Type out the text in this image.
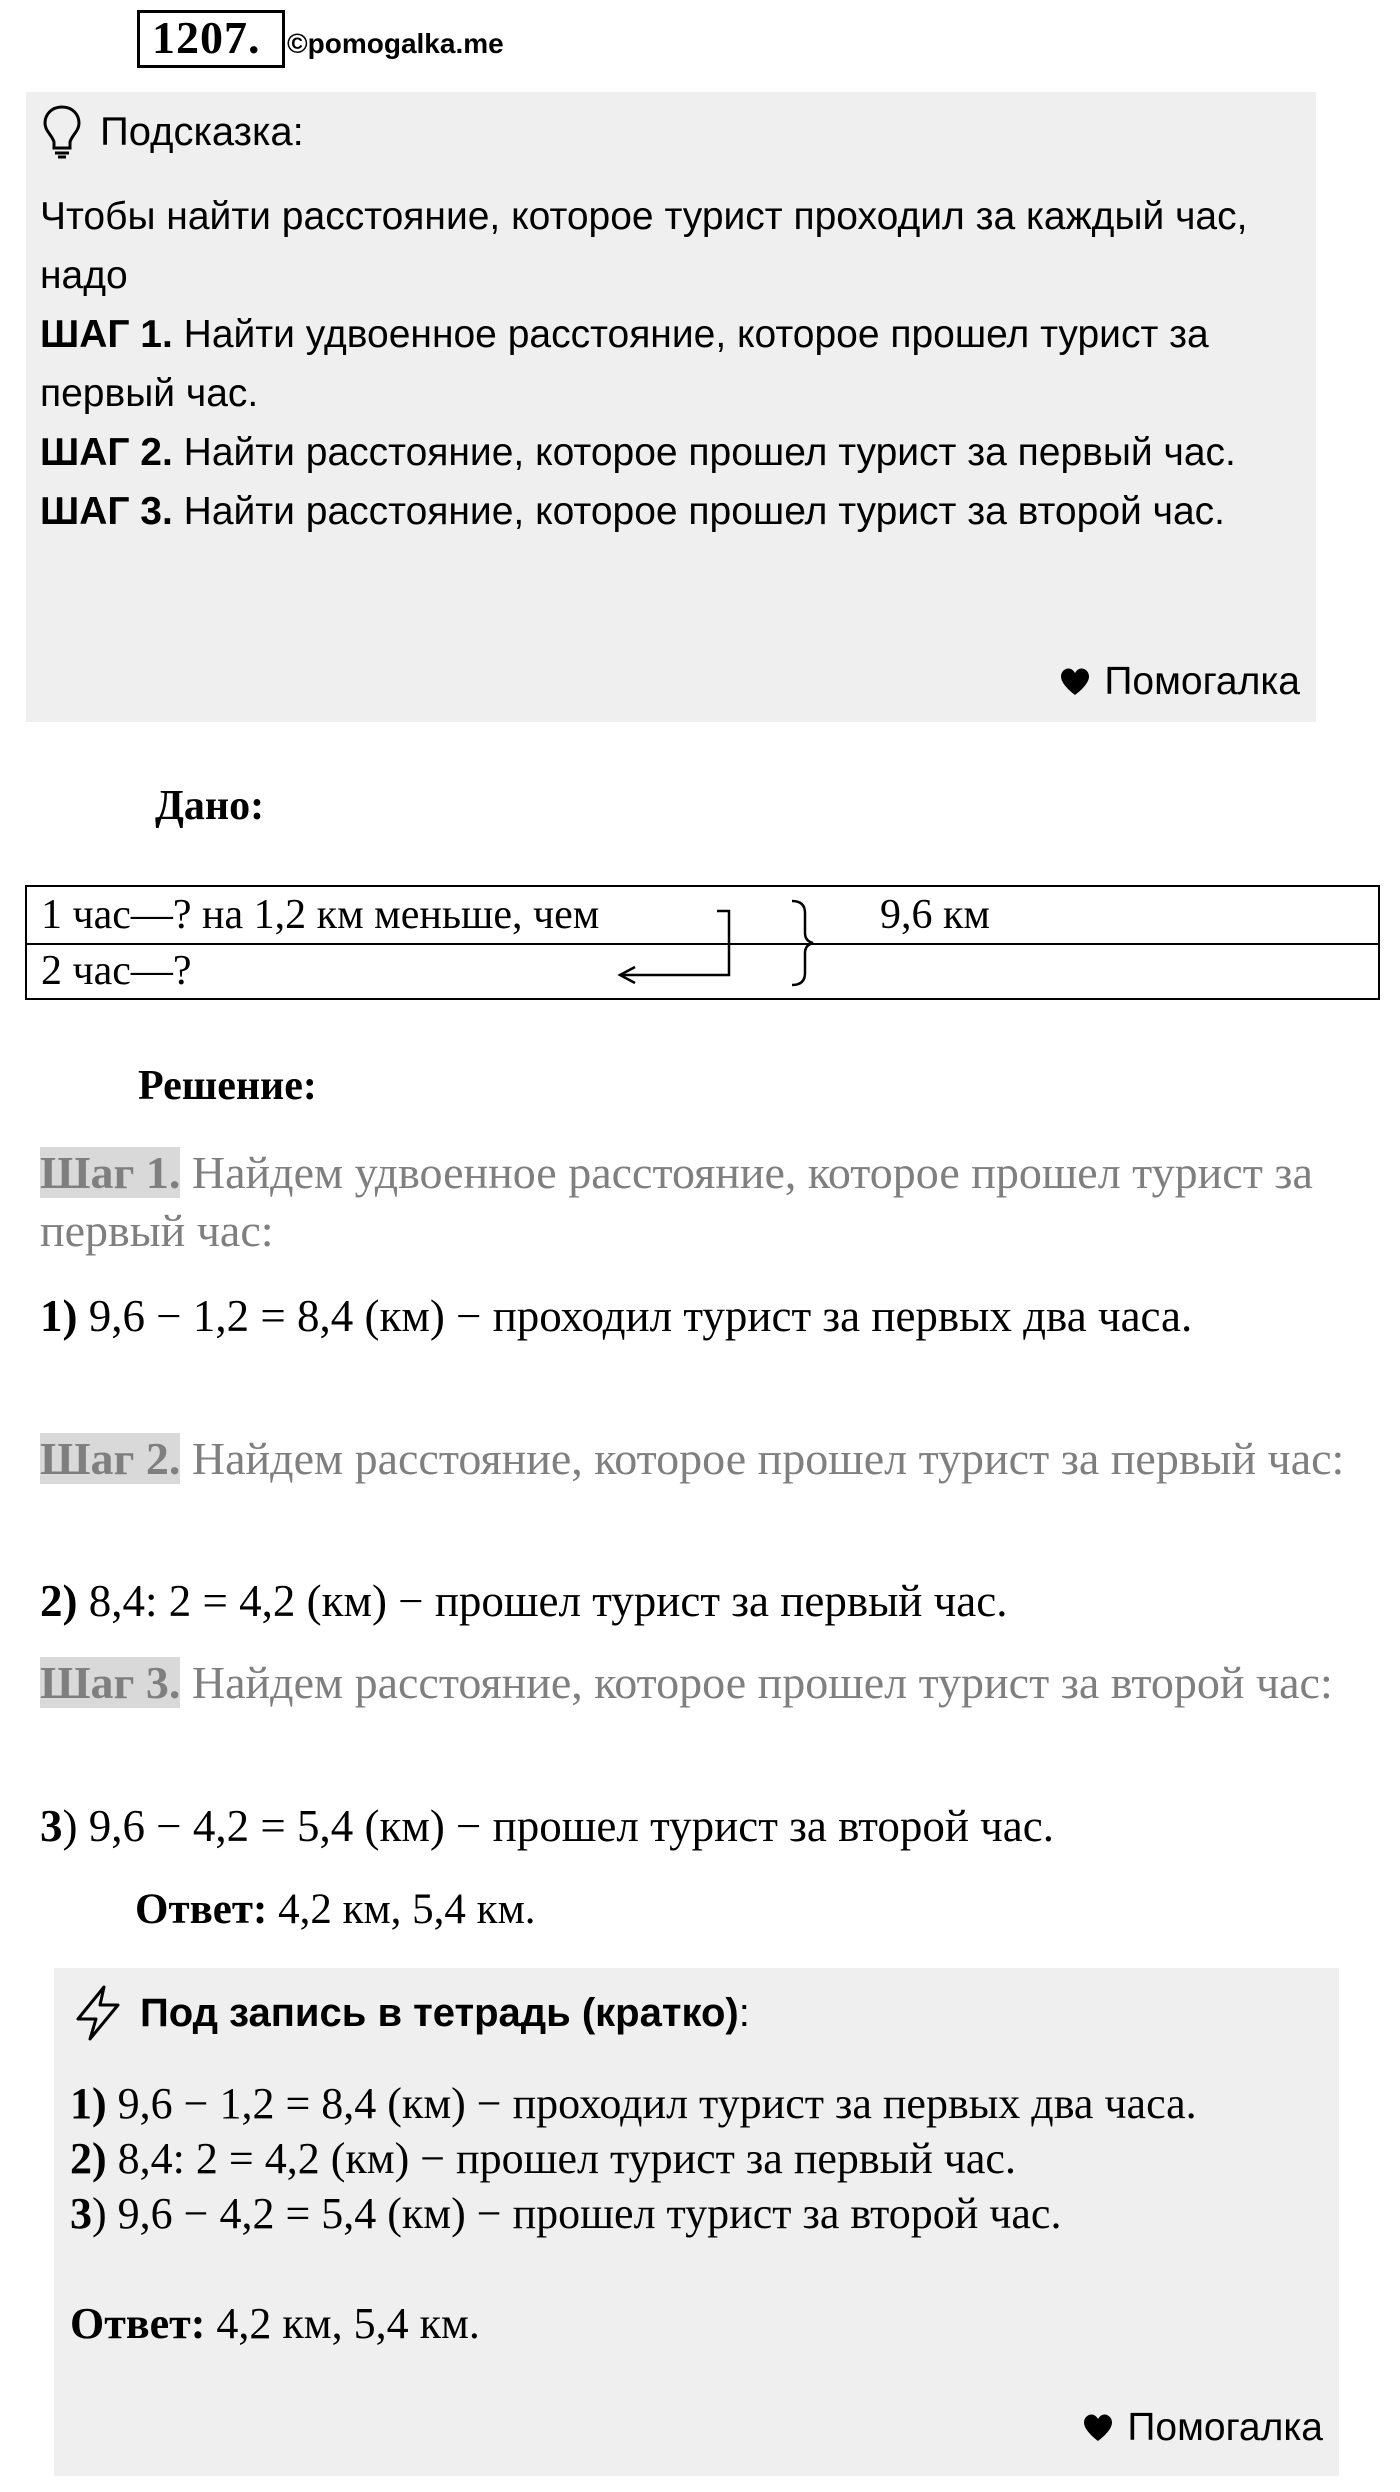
1207. ©pomogalka.me
Подсказка:
Чтобы найти расстояние, которое турист проходил за каждый час, надо
ШАГ 1. Найти удвоенное расстояние, которое прошел турист за первый час.
ШАГ 2. Найти расстояние, которое прошел турист за первый час.
ШАГ 3. Найти расстояние, которое прошел турист за второй час.
Помогалка
Дано:
1 час—? на 1,2 км меньше, чем
2 час—?
9,6 км
Решение:
Шаг 1. Найдем удвоенное расстояние, которое прошел турист за первый час:
1) 9,6 − 1,2 = 8,4 (км) − проходил турист за первых два часа.
Шаг 2. Найдем расстояние, которое прошел турист за первый час:
2) 8,4: 2 = 4,2 (км) − прошел турист за первый час.
Шаг 3. Найдем расстояние, которое прошел турист за второй час:
3) 9,6 − 4,2 = 5,4 (км) − прошел турист за второй час.
Ответ: 4,2 км, 5,4 км.
Под запись в тетрадь (кратко) :
1) 9,6 − 1,2 = 8,4 (км) − проходил турист за первых два часа.
2) 8,4: 2 = 4,2 (км) − прошел турист за первый час.
3) 9,6 − 4,2 = 5,4 (км) − прошел турист за второй час.
Ответ: 4,2 км, 5,4 км.
Помогалка
